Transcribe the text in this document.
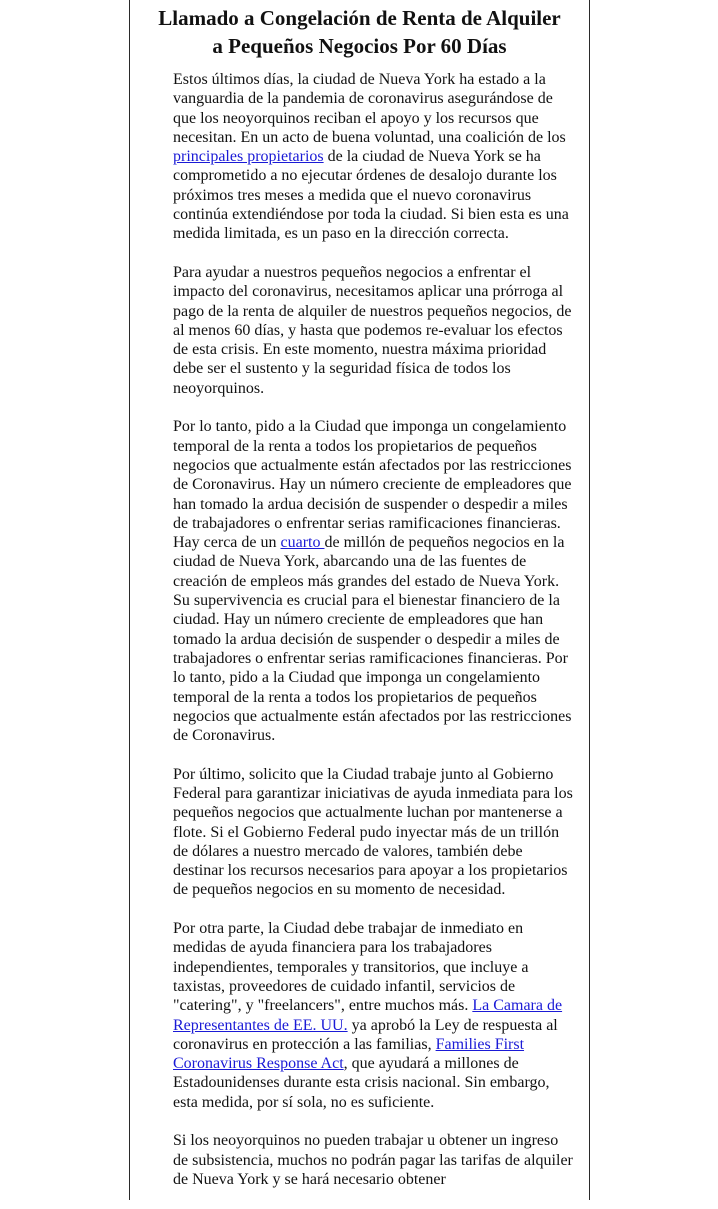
Llamado a Congelación de Renta de Alquiler
a Pequeños Negocios Por 60 Días

Estos últimos días, la ciudad de Nueva York ha estado a la vanguardia de la pandemia de coronavirus asegurándose de que los neoyorquinos reciban el apoyo y los recursos que necesitan. En un acto de buena voluntad, una coalición de los principales propietarios de la ciudad de Nueva York se ha comprometido a no ejecutar órdenes de desalojo durante los próximos tres meses a medida que el nuevo coronavirus continúa extendiéndose por toda la ciudad. Si bien esta es una medida limitada, es un paso en la dirección correcta.

Para ayudar a nuestros pequeños negocios a enfrentar el impacto del coronavirus, necesitamos aplicar una prórroga al pago de la renta de alquiler de nuestros pequeños negocios, de al menos 60 días, y hasta que podemos re-evaluar los efectos de esta crisis. En este momento, nuestra máxima prioridad debe ser el sustento y la seguridad física de todos los neoyorquinos.

Por lo tanto, pido a la Ciudad que imponga un congelamiento temporal de la renta a todos los propietarios de pequeños negocios que actualmente están afectados por las restricciones de Coronavirus. Hay un número creciente de empleadores que han tomado la ardua decisión de suspender o despedir a miles de trabajadores o enfrentar serias ramificaciones financieras. Hay cerca de un cuarto de millón de pequeños negocios en la ciudad de Nueva York, abarcando una de las fuentes de creación de empleos más grandes del estado de Nueva York. Su supervivencia es crucial para el bienestar financiero de la ciudad. Hay un número creciente de empleadores que han tomado la ardua decisión de suspender o despedir a miles de trabajadores o enfrentar serias ramificaciones financieras. Por lo tanto, pido a la Ciudad que imponga un congelamiento temporal de la renta a todos los propietarios de pequeños negocios que actualmente están afectados por las restricciones de Coronavirus.

Por último, solicito que la Ciudad trabaje junto al Gobierno Federal para garantizar iniciativas de ayuda inmediata para los pequeños negocios que actualmente luchan por mantenerse a flote. Si el Gobierno Federal pudo inyectar más de un trillón de dólares a nuestro mercado de valores, también debe destinar los recursos necesarios para apoyar a los propietarios de pequeños negocios en su momento de necesidad.

Por otra parte, la Ciudad debe trabajar de inmediato en medidas de ayuda financiera para los trabajadores independientes, temporales y transitorios, que incluye a taxistas, proveedores de cuidado infantil, servicios de "catering", y "freelancers", entre muchos más. La Camara de Representantes de EE. UU. ya aprobó la Ley de respuesta al coronavirus en protección a las familias, Families First Coronavirus Response Act, que ayudará a millones de Estadounidenses durante esta crisis nacional. Sin embargo, esta medida, por sí sola, no es suficiente.

Si los neoyorquinos no pueden trabajar u obtener un ingreso de subsistencia, muchos no podrán pagar las tarifas de alquiler de Nueva York y se hará necesario obtener
